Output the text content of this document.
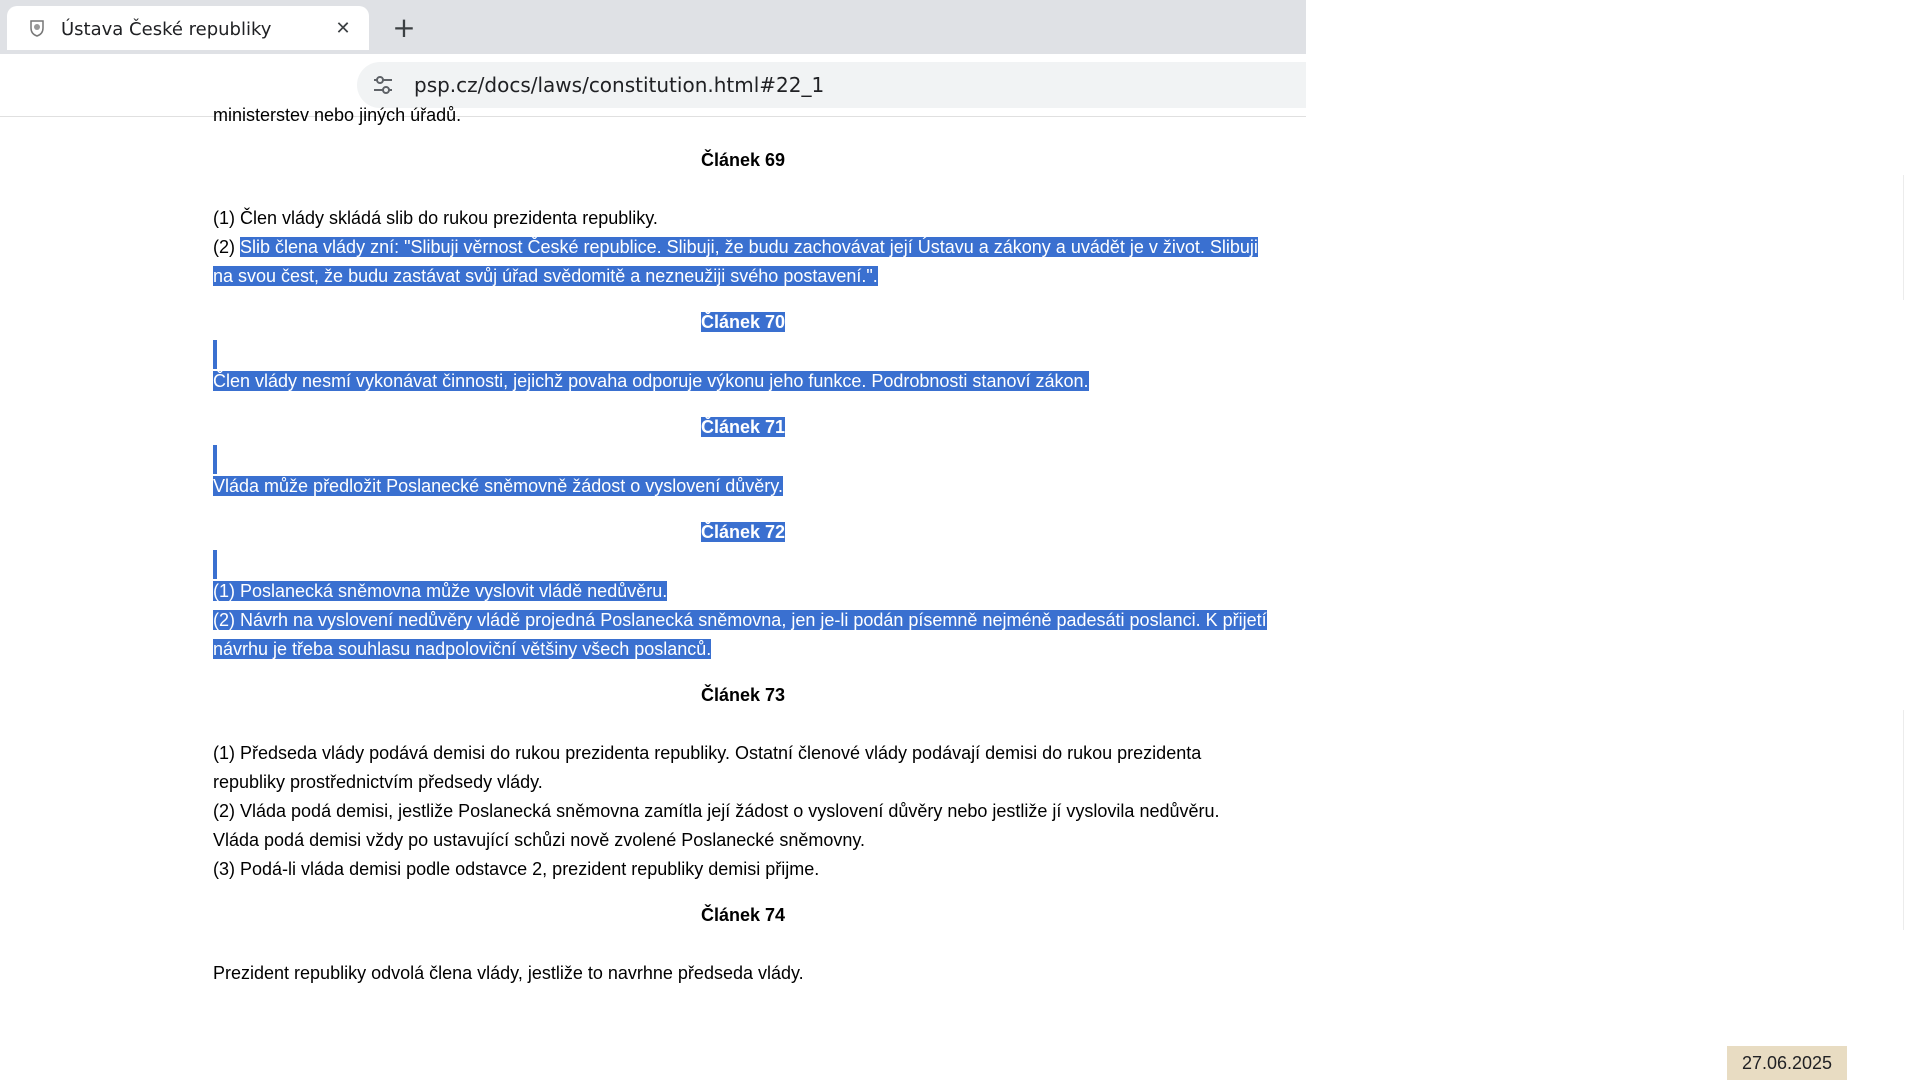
Ústava České republiky	✕ +
psp.cz/docs/laws/constitution.html#22_1
ministerstev nebo jiných úřadů.
Článek 69
(1) Člen vlády skládá slib do rukou prezidenta republiky.
(2) Slib člena vlády zní: "Slibuji věrnost České republice. Slibuji, že budu zachovávat její Ústavu a zákony a uvádět je v život. Slibuji
na svou čest, že budu zastávat svůj úřad svědomitě a nezneužiji svého postavení.".
Článek 70
Člen vlády nesmí vykonávat činnosti, jejichž povaha odporuje výkonu jeho funkce. Podrobnosti stanoví zákon.
Článek 71
Vláda může předložit Poslanecké sněmovně žádost o vyslovení důvěry.
Článek 72
(1) Poslanecká sněmovna může vyslovit vládě nedůvěru.
(2) Návrh na vyslovení nedůvěry vládě projedná Poslanecká sněmovna, jen je-li podán písemně nejméně padesáti poslanci. K přijetí
návrhu je třeba souhlasu nadpoloviční většiny všech poslanců.
Článek 73
(1) Předseda vlády podává demisi do rukou prezidenta republiky. Ostatní členové vlády podávají demisi do rukou prezidenta
republiky prostřednictvím předsedy vlády.
(2) Vláda podá demisi, jestliže Poslanecká sněmovna zamítla její žádost o vyslovení důvěry nebo jestliže jí vyslovila nedůvěru.
Vláda podá demisi vždy po ustavující schůzi nově zvolené Poslanecké sněmovny.
(3) Podá-li vláda demisi podle odstavce 2, prezident republiky demisi přijme.
Článek 74
Prezident republiky odvolá člena vlády, jestliže to navrhne předseda vlády.
27.06.2025
